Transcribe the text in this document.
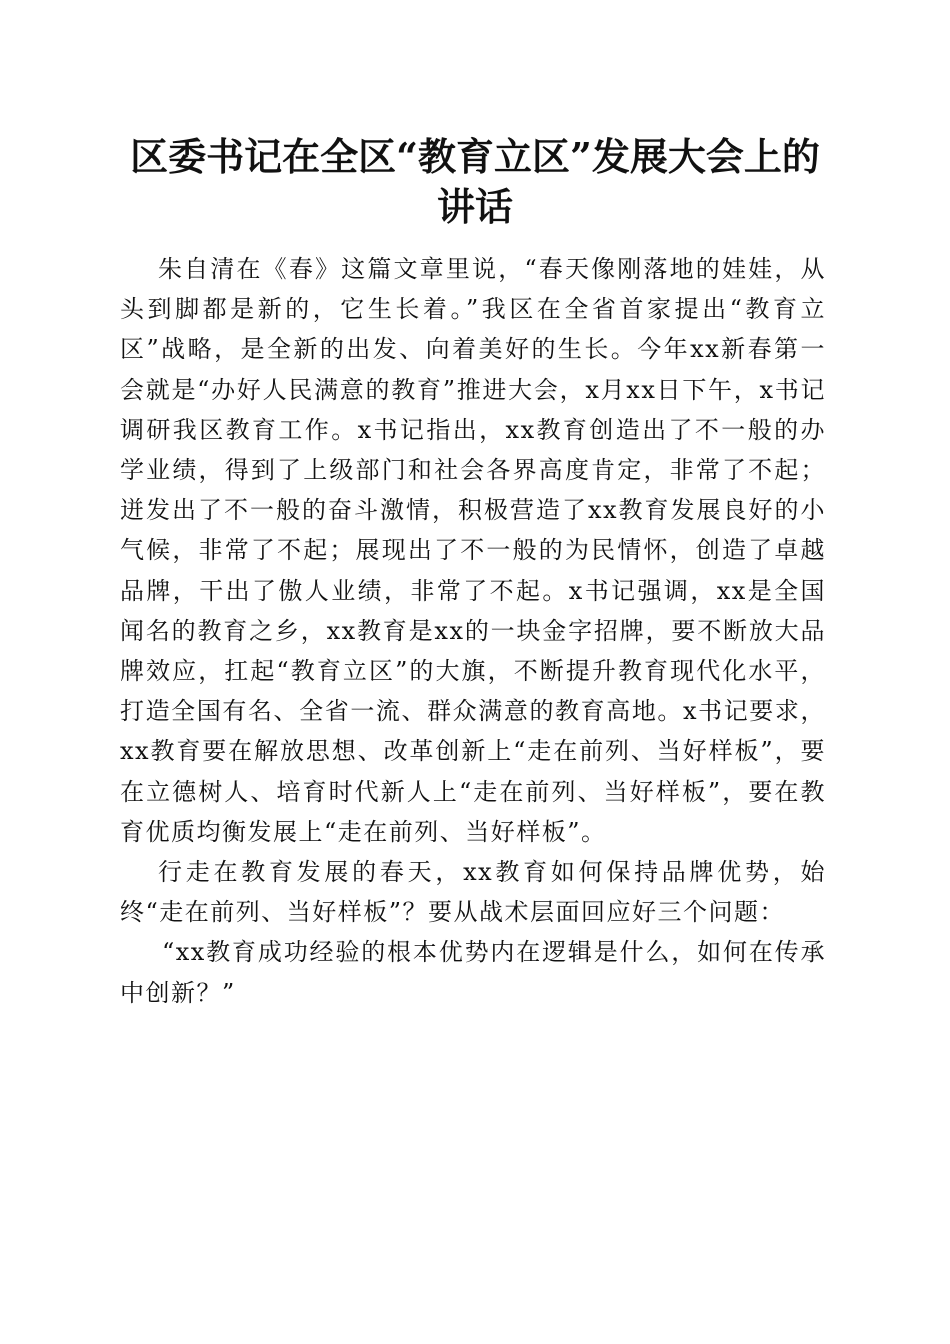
区委书记在全区“教育立区”发展大会上的讲话

朱自清在《春》这篇文章里说，“春天像刚落地的娃娃，从头到脚都是新的，它生长着。”我区在全省首家提出“教育立区”战略，是全新的出发、向着美好的生长。今年xx新春第一会就是“办好人民满意的教育”推进大会，x月xx日下午，x书记调研我区教育工作。x书记指出，xx教育创造出了不一般的办学业绩，得到了上级部门和社会各界高度肯定，非常了不起；迸发出了不一般的奋斗激情，积极营造了xx教育发展良好的小气候，非常了不起；展现出了不一般的为民情怀，创造了卓越品牌，干出了傲人业绩，非常了不起。x书记强调，xx是全国闻名的教育之乡，xx教育是xx的一块金字招牌，要不断放大品牌效应，扛起“教育立区”的大旗，不断提升教育现代化水平，打造全国有名、全省一流、群众满意的教育高地。x书记要求，xx教育要在解放思想、改革创新上“走在前列、当好样板”，要在立德树人、培育时代新人上“走在前列、当好样板”，要在教育优质均衡发展上“走在前列、当好样板”。

行走在教育发展的春天，xx教育如何保持品牌优势，始终“走在前列、当好样板”？要从战术层面回应好三个问题：

“xx教育成功经验的根本优势内在逻辑是什么，如何在传承中创新？”
